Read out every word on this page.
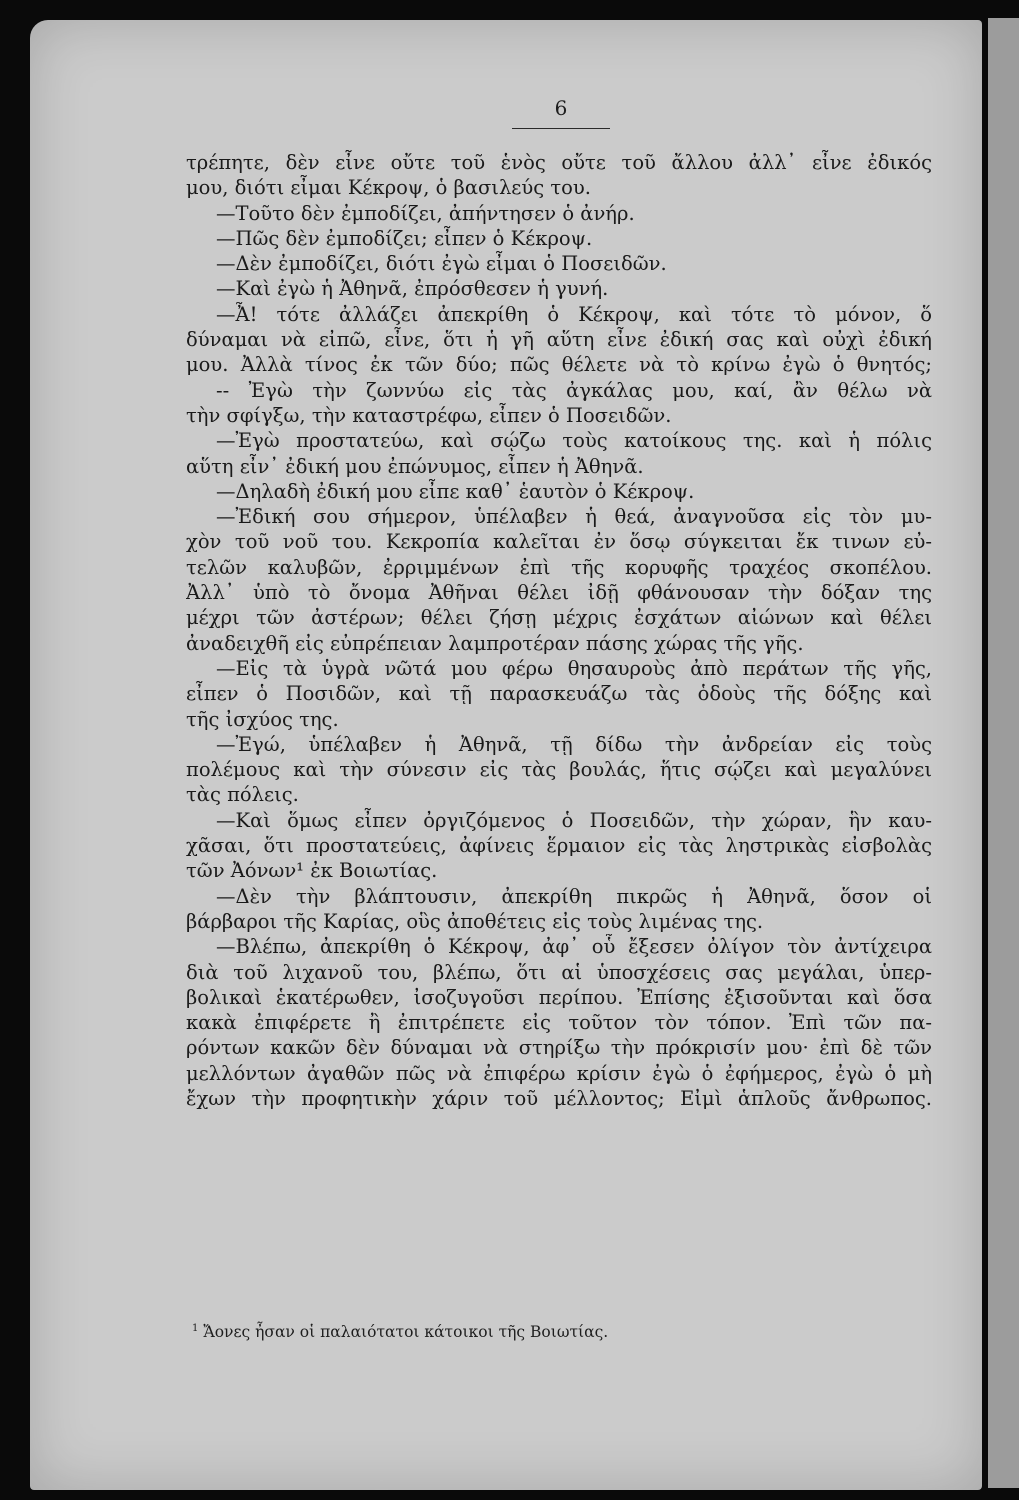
6
τρέπητε, δὲν εἶνε οὔτε τοῦ ἑνὸς οὔτε τοῦ ἄλλου ἀλλ᾽ εἶνε ἐδικός
μου, διότι εἶμαι Κέκροψ, ὁ βασιλεύς του.
—Τοῦτο δὲν ἐμποδίζει, ἀπήντησεν ὁ ἀνήρ.
—Πῶς δὲν ἐμποδίζει; εἶπεν ὁ Κέκροψ.
—Δὲν ἐμποδίζει, διότι ἐγὼ εἶμαι ὁ Ποσειδῶν.
—Καὶ ἐγὼ ἡ Ἀθηνᾶ, ἐπρόσθεσεν ἡ γυνή.
—Ἆ! τότε ἀλλάζει ἀπεκρίθη ὁ Κέκροψ, καὶ τότε τὸ μόνον, ὅ
δύναμαι νὰ εἰπῶ, εἶνε, ὅτι ἡ γῆ αὕτη εἶνε ἐδική σας καὶ οὐχὶ ἐδική
μου. Ἀλλὰ τίνος ἐκ τῶν δύο; πῶς θέλετε νὰ τὸ κρίνω ἐγὼ ὁ θνητός;
-- Ἐγὼ τὴν ζωννύω εἰς τὰς ἀγκάλας μου, καί, ἂν θέλω νὰ
τὴν σφίγξω, τὴν καταστρέφω, εἶπεν ὁ Ποσειδῶν.
—Ἐγὼ προστατεύω, καὶ σῴζω τοὺς κατοίκους της. καὶ ἡ πόλις
αὕτη εἶν᾽ ἐδική μου ἐπώνυμος, εἶπεν ἡ Ἀθηνᾶ.
—Δηλαδὴ ἐδική μου εἶπε καθ᾽ ἑαυτὸν ὁ Κέκροψ.
—Ἐδική σου σήμερον, ὑπέλαβεν ἡ θεά, ἀναγνοῦσα εἰς τὸν μυ-
χὸν τοῦ νοῦ του. Κεκροπία καλεῖται ἐν ὅσῳ σύγκειται ἔκ τινων εὐ-
τελῶν καλυβῶν, ἐρριμμένων ἐπὶ τῆς κορυφῆς τραχέος σκοπέλου.
Ἀλλ᾽ ὑπὸ τὸ ὄνομα Ἀθῆναι θέλει ἰδῇ φθάνουσαν τὴν δόξαν της
μέχρι τῶν ἀστέρων; θέλει ζήσῃ μέχρις ἐσχάτων αἰώνων καὶ θέλει
ἀναδειχθῆ εἰς εὐπρέπειαν λαμπροτέραν πάσης χώρας τῆς γῆς.
—Εἰς τὰ ὑγρὰ νῶτά μου φέρω θησαυροὺς ἀπὸ περάτων τῆς γῆς,
εἶπεν ὁ Ποσιδῶν, καὶ τῇ παρασκευάζω τὰς ὁδοὺς τῆς δόξης καὶ
τῆς ἰσχύος της.
—Ἐγώ, ὑπέλαβεν ἡ Ἀθηνᾶ, τῇ δίδω τὴν ἀνδρείαν εἰς τοὺς
πολέμους καὶ τὴν σύνεσιν εἰς τὰς βουλάς, ἥτις σῴζει καὶ μεγαλύνει
τὰς πόλεις.
—Καὶ ὅμως εἶπεν ὀργιζόμενος ὁ Ποσειδῶν, τὴν χώραν, ἣν καυ-
χᾶσαι, ὅτι προστατεύεις, ἀφίνεις ἕρμαιον εἰς τὰς ληστρικὰς εἰσβολὰς
τῶν Ἀόνων¹ ἐκ Βοιωτίας.
—Δὲν τὴν βλάπτουσιν, ἀπεκρίθη πικρῶς ἡ Ἀθηνᾶ, ὅσον οἱ
βάρβαροι τῆς Καρίας, οὓς ἀποθέτεις εἰς τοὺς λιμένας της.
—Βλέπω, ἀπεκρίθη ὁ Κέκροψ, ἀφ᾽ οὗ ἔξεσεν ὀλίγον τὸν ἀντίχειρα
διὰ τοῦ λιχανοῦ του, βλέπω, ὅτι αἱ ὑποσχέσεις σας μεγάλαι, ὑπερ-
βολικαὶ ἑκατέρωθεν, ἰσοζυγοῦσι περίπου. Ἐπίσης ἐξισοῦνται καὶ ὅσα
κακὰ ἐπιφέρετε ἢ ἐπιτρέπετε εἰς τοῦτον τὸν τόπον. Ἐπὶ τῶν πα-
ρόντων κακῶν δὲν δύναμαι νὰ στηρίξω τὴν πρόκρισίν μου· ἐπὶ δὲ τῶν
μελλόντων ἀγαθῶν πῶς νὰ ἐπιφέρω κρίσιν ἐγὼ ὁ ἐφήμερος, ἐγὼ ὁ μὴ
ἔχων τὴν προφητικὴν χάριν τοῦ μέλλοντος; Εἰμὶ ἁπλοῦς ἄνθρωπος.
$^1$ Ἄονες ἦσαν οἱ παλαιότατοι κάτοικοι τῆς Βοιωτίας.
